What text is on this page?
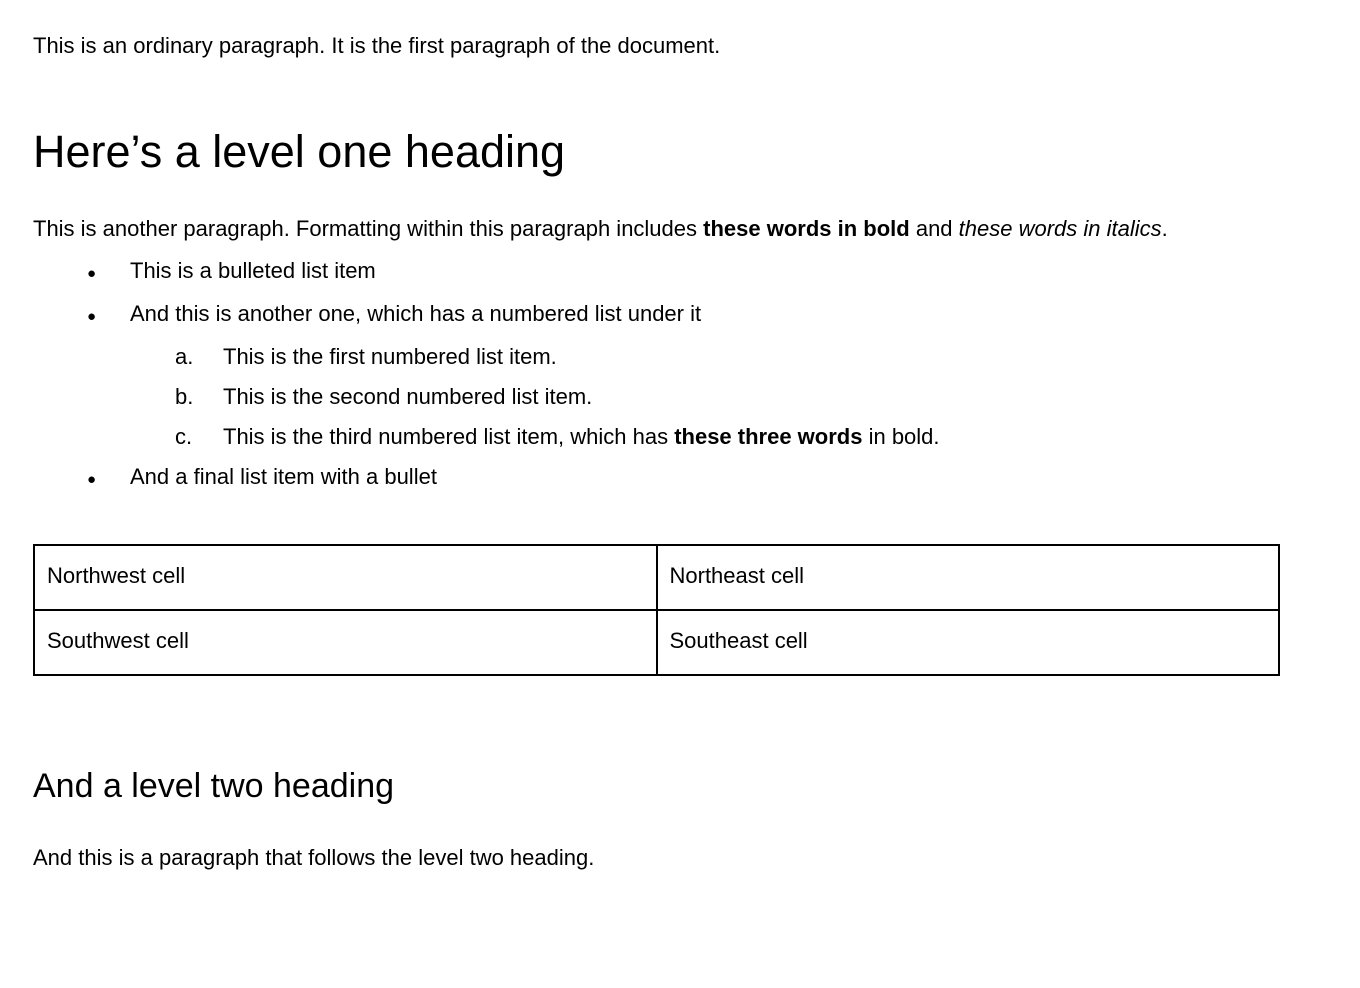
This is an ordinary paragraph. It is the first paragraph of the document.

Here’s a level one heading

This is another paragraph. Formatting within this paragraph includes these words in bold and these words in italics.

●	This is a bulleted list item
●	And this is another one, which has a numbered list under it
a.	This is the first numbered list item.
b.	This is the second numbered list item.
c.	This is the third numbered list item, which has these three words in bold.
●	And a final list item with a bullet
Northwest cell	Northeast cell
Southwest cell	Southeast cell
And a level two heading

And this is a paragraph that follows the level two heading.
